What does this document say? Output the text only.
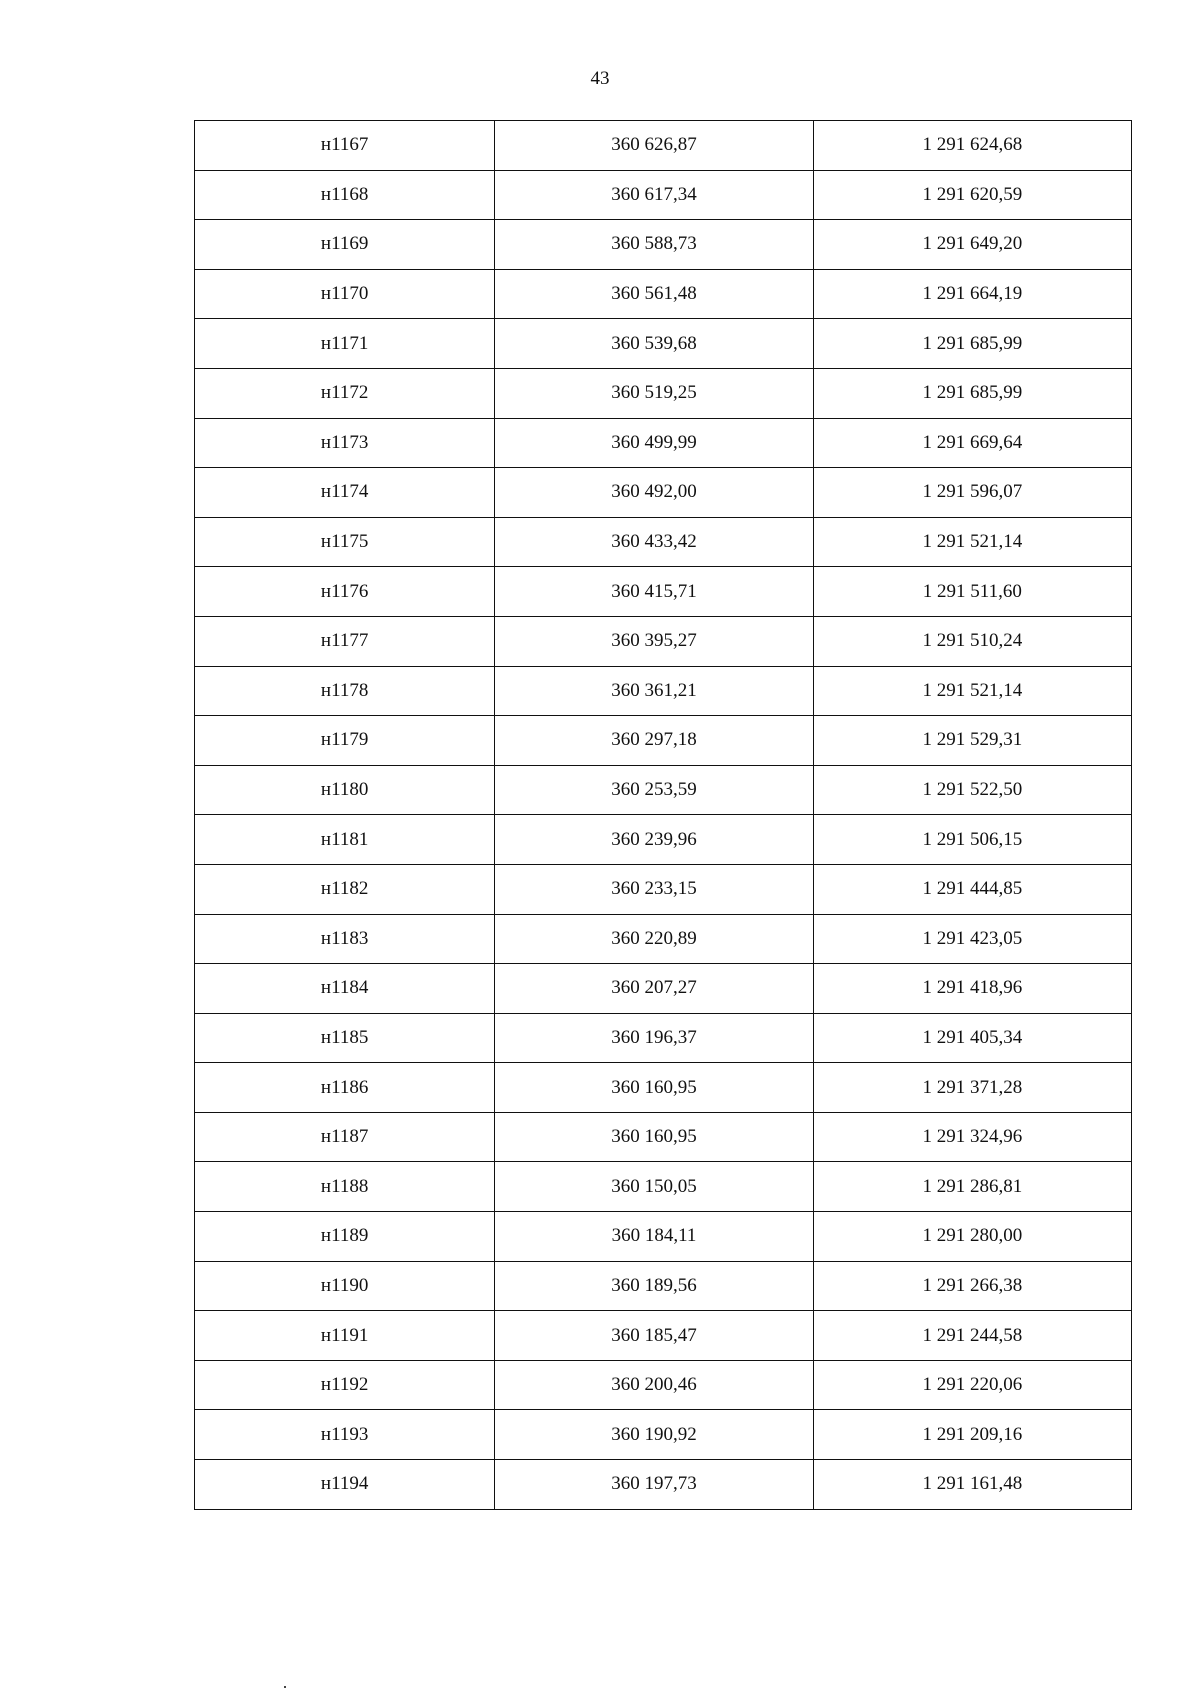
43
н1167	360 626,87	1 291 624,68
н1168	360 617,34	1 291 620,59
н1169	360 588,73	1 291 649,20
н1170	360 561,48	1 291 664,19
н1171	360 539,68	1 291 685,99
н1172	360 519,25	1 291 685,99
н1173	360 499,99	1 291 669,64
н1174	360 492,00	1 291 596,07
н1175	360 433,42	1 291 521,14
н1176	360 415,71	1 291 511,60
н1177	360 395,27	1 291 510,24
н1178	360 361,21	1 291 521,14
н1179	360 297,18	1 291 529,31
н1180	360 253,59	1 291 522,50
н1181	360 239,96	1 291 506,15
н1182	360 233,15	1 291 444,85
н1183	360 220,89	1 291 423,05
н1184	360 207,27	1 291 418,96
н1185	360 196,37	1 291 405,34
н1186	360 160,95	1 291 371,28
н1187	360 160,95	1 291 324,96
н1188	360 150,05	1 291 286,81
н1189	360 184,11	1 291 280,00
н1190	360 189,56	1 291 266,38
н1191	360 185,47	1 291 244,58
н1192	360 200,46	1 291 220,06
н1193	360 190,92	1 291 209,16
н1194	360 197,73	1 291 161,48
